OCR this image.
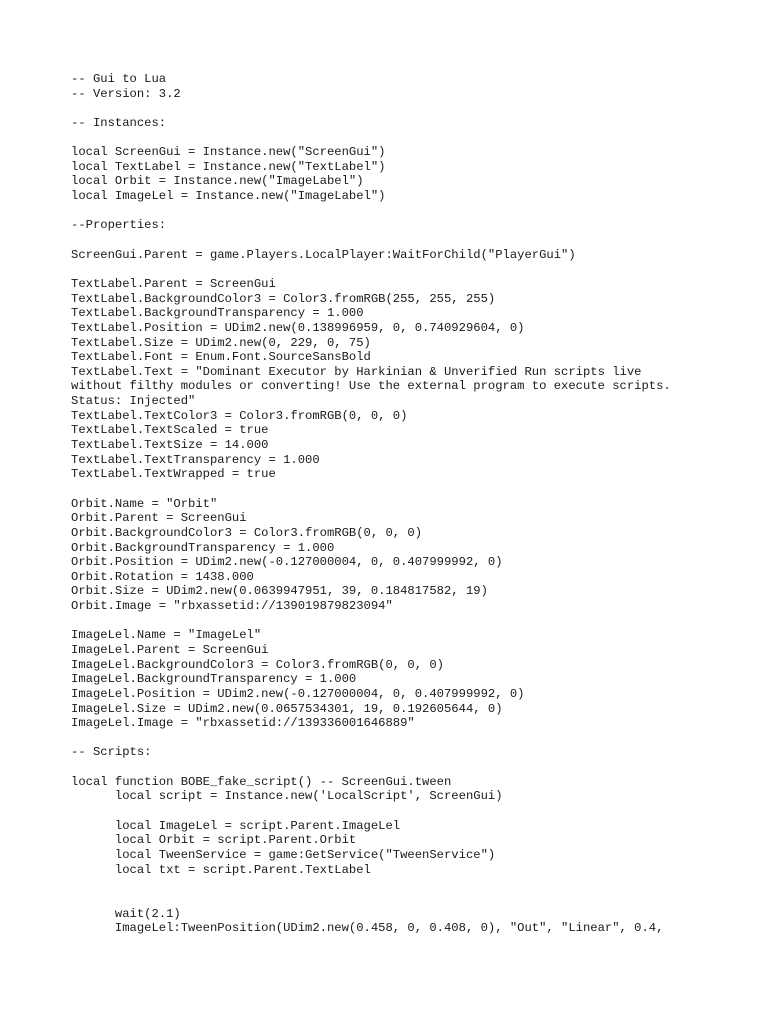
-- Gui to Lua
-- Version: 3.2

-- Instances:

local ScreenGui = Instance.new("ScreenGui")
local TextLabel = Instance.new("TextLabel")
local Orbit = Instance.new("ImageLabel")
local ImageLel = Instance.new("ImageLabel")

--Properties:

ScreenGui.Parent = game.Players.LocalPlayer:WaitForChild("PlayerGui")

TextLabel.Parent = ScreenGui
TextLabel.BackgroundColor3 = Color3.fromRGB(255, 255, 255)
TextLabel.BackgroundTransparency = 1.000
TextLabel.Position = UDim2.new(0.138996959, 0, 0.740929604, 0)
TextLabel.Size = UDim2.new(0, 229, 0, 75)
TextLabel.Font = Enum.Font.SourceSansBold
TextLabel.Text = "Dominant Executor by Harkinian & Unverified Run scripts live
without filthy modules or converting! Use the external program to execute scripts.
Status: Injected"
TextLabel.TextColor3 = Color3.fromRGB(0, 0, 0)
TextLabel.TextScaled = true
TextLabel.TextSize = 14.000
TextLabel.TextTransparency = 1.000
TextLabel.TextWrapped = true

Orbit.Name = "Orbit"
Orbit.Parent = ScreenGui
Orbit.BackgroundColor3 = Color3.fromRGB(0, 0, 0)
Orbit.BackgroundTransparency = 1.000
Orbit.Position = UDim2.new(-0.127000004, 0, 0.407999992, 0)
Orbit.Rotation = 1438.000
Orbit.Size = UDim2.new(0.0639947951, 39, 0.184817582, 19)
Orbit.Image = "rbxassetid://139019879823094"

ImageLel.Name = "ImageLel"
ImageLel.Parent = ScreenGui
ImageLel.BackgroundColor3 = Color3.fromRGB(0, 0, 0)
ImageLel.BackgroundTransparency = 1.000
ImageLel.Position = UDim2.new(-0.127000004, 0, 0.407999992, 0)
ImageLel.Size = UDim2.new(0.0657534301, 19, 0.192605644, 0)
ImageLel.Image = "rbxassetid://139336001646889"

-- Scripts:

local function BOBE_fake_script() -- ScreenGui.tween
local script = Instance.new('LocalScript', ScreenGui)

local ImageLel = script.Parent.ImageLel
local Orbit = script.Parent.Orbit
local TweenService = game:GetService("TweenService")
local txt = script.Parent.TextLabel

wait(2.1)
ImageLel:TweenPosition(UDim2.new(0.458, 0, 0.408, 0), "Out", "Linear", 0.4,
